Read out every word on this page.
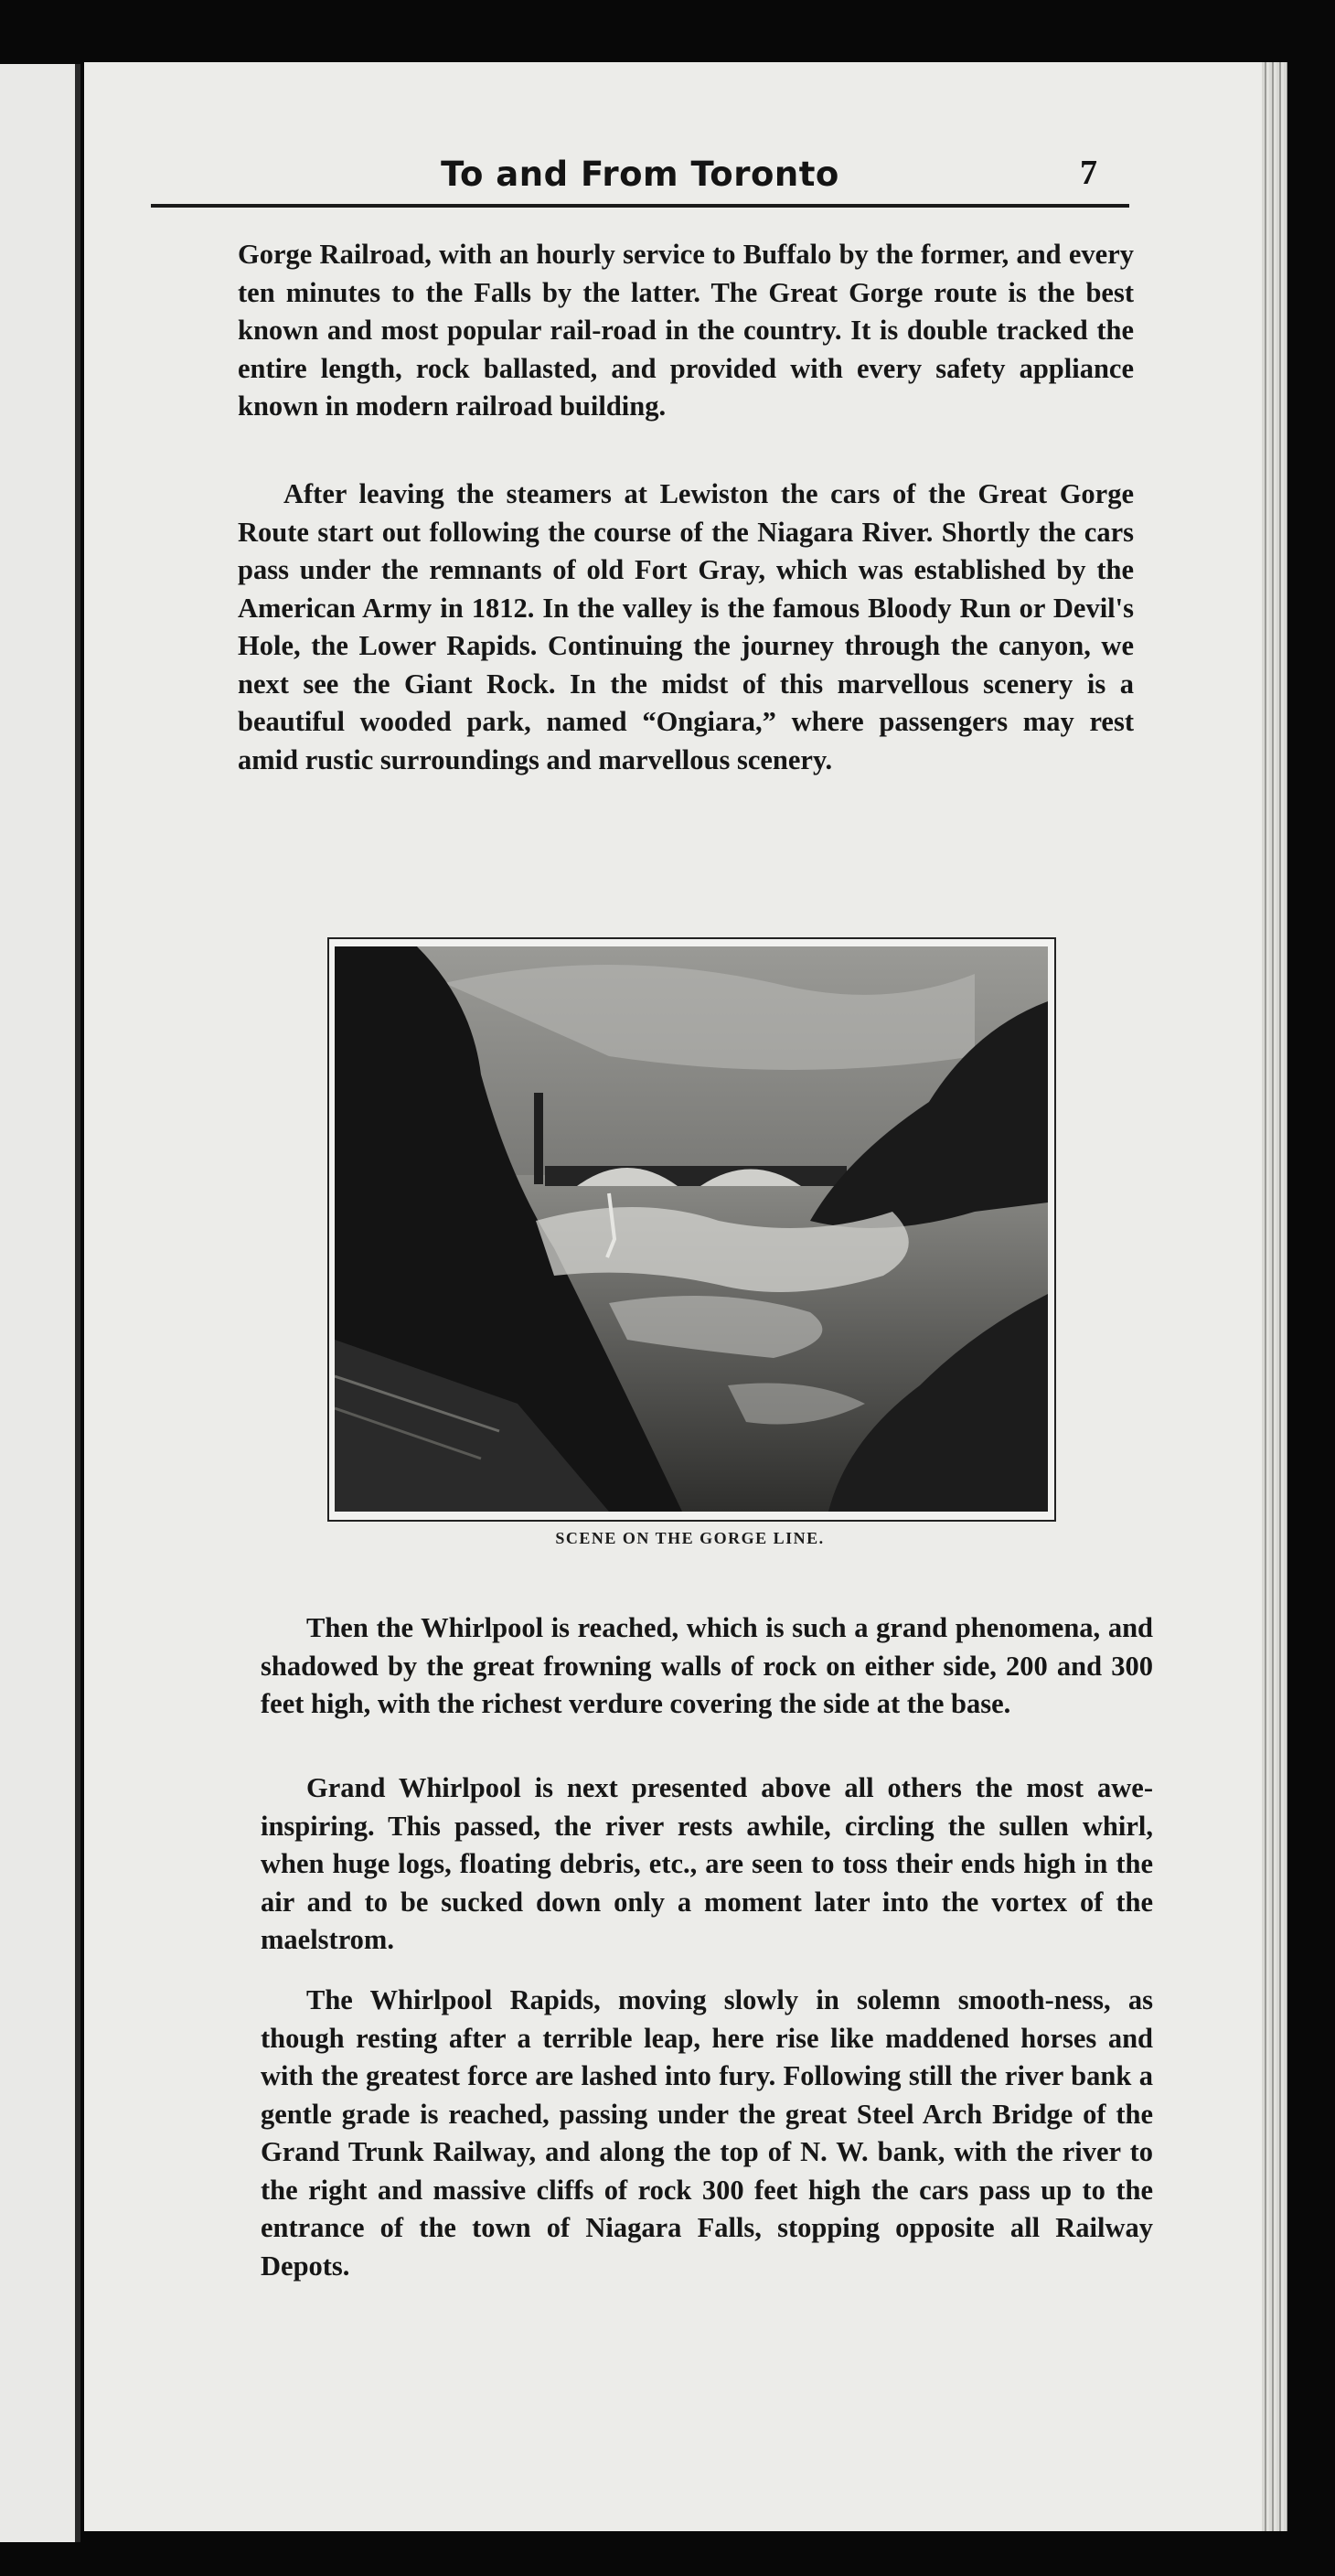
To and From Toronto	7

Gorge Railroad, with an hourly service to Buffalo by the former, and every ten minutes to the Falls by the latter. The Great Gorge route is the best known and most popular rail-road in the country. It is double tracked the entire length, rock ballasted, and provided with every safety appliance known in modern railroad building.

After leaving the steamers at Lewiston the cars of the Great Gorge Route start out following the course of the Niagara River. Shortly the cars pass under the remnants of old Fort Gray, which was established by the American Army in 1812. In the valley is the famous Bloody Run or Devil's Hole, the Lower Rapids. Continuing the journey through the canyon, we next see the Giant Rock. In the midst of this marvellous scenery is a beautiful wooded park, named “Ongiara,” where passengers may rest amid rustic surroundings and marvellous scenery.

SCENE ON THE GORGE LINE.

Then the Whirlpool is reached, which is such a grand phenomena, and shadowed by the great frowning walls of rock on either side, 200 and 300 feet high, with the richest verdure covering the side at the base.

Grand Whirlpool is next presented above all others the most awe-inspiring. This passed, the river rests awhile, circling the sullen whirl, when huge logs, floating debris, etc., are seen to toss their ends high in the air and to be sucked down only a moment later into the vortex of the maelstrom.

The Whirlpool Rapids, moving slowly in solemn smooth-ness, as though resting after a terrible leap, here rise like maddened horses and with the greatest force are lashed into fury. Following still the river bank a gentle grade is reached, passing under the great Steel Arch Bridge of the Grand Trunk Railway, and along the top of N. W. bank, with the river to the right and massive cliffs of rock 300 feet high the cars pass up to the entrance of the town of Niagara Falls, stopping opposite all Railway Depots.
